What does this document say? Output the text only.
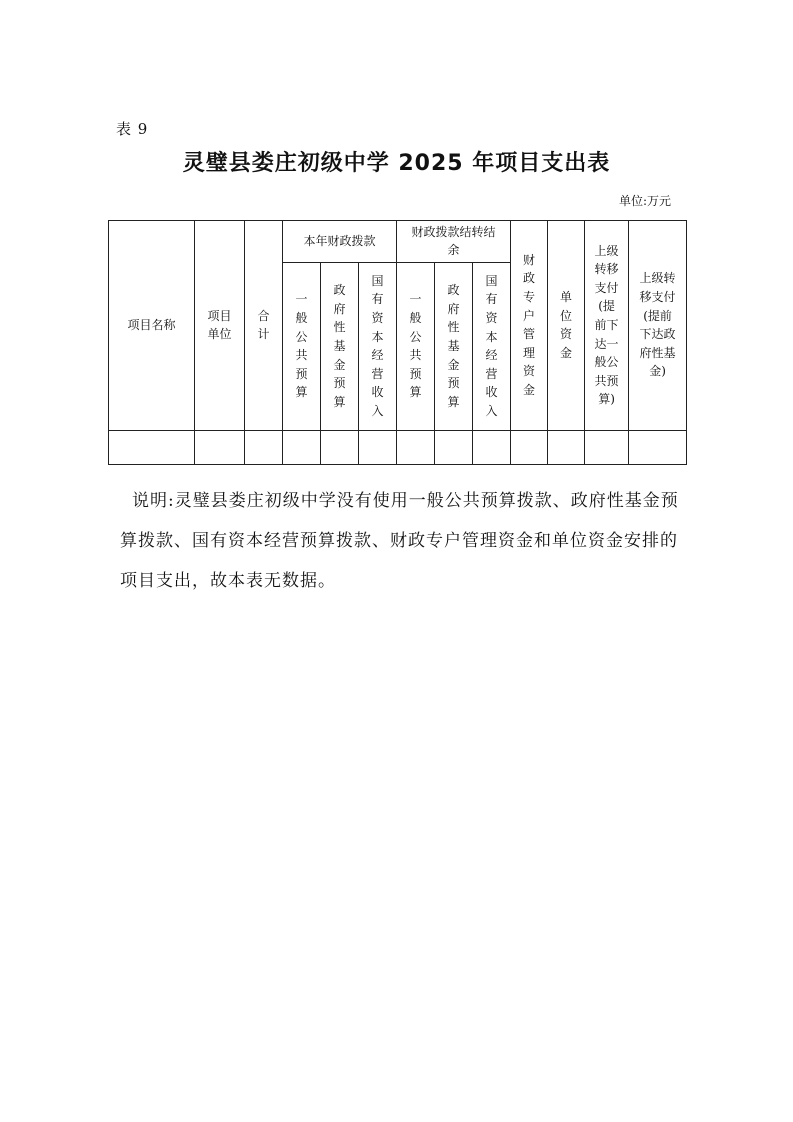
表 9
灵璧县娄庄初级中学 2025 年项目支出表
单位:万元
项目名称	项目单位	合计	本年财政拨款			财政拨款结转结余			财政专户管理资金	单位资金	上级转移支付(提前下达一般公共预算)	上级转移支付(提前下达政府性基金)
			一般公共预算	政府性基金预算	国有资本经营收入	一般公共预算	政府性基金预算	国有资本经营收入				

说明:灵璧县娄庄初级中学没有使用一般公共预算拨款、政府性基金预算拨款、国有资本经营预算拨款、财政专户管理资金和单位资金安排的项目支出，故本表无数据。
